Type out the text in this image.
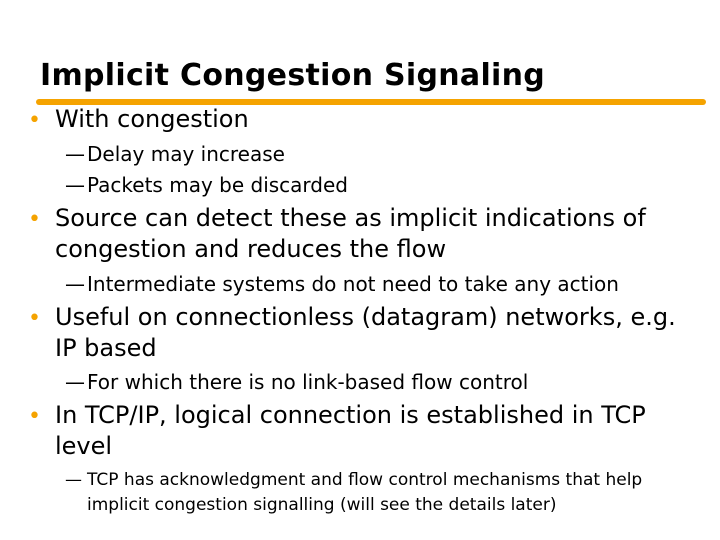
Implicit Congestion Signaling
• With congestion
— Delay may increase
— Packets may be discarded
• Source can detect these as implicit indications of
congestion and reduces the flow
— Intermediate systems do not need to take any action
• Useful on connectionless (datagram) networks, e.g.
IP based
— For which there is no link-based flow control
• In TCP/IP, logical connection is established in TCP
level
— TCP has acknowledgment and flow control mechanisms that help
implicit congestion signalling (will see the details later)
